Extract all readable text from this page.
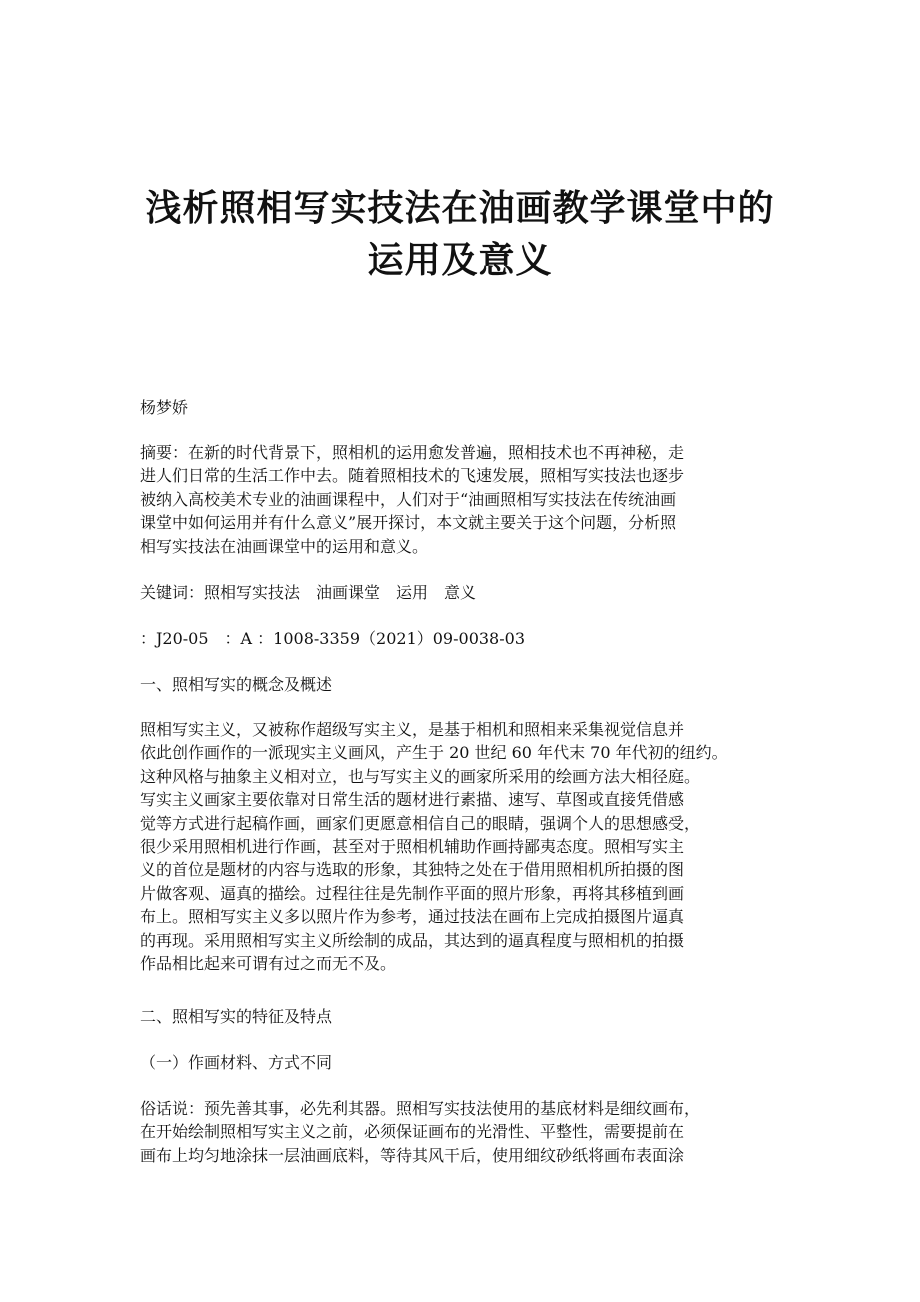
浅析照相写实技法在油画教学课堂中的
运用及意义
杨梦娇
摘要：在新的时代背景下，照相机的运用愈发普遍，照相技术也不再神秘，走
进人们日常的生活工作中去。随着照相技术的飞速发展，照相写实技法也逐步
被纳入高校美术专业的油画课程中，人们对于“油画照相写实技法在传统油画
课堂中如何运用并有什么意义”展开探讨，本文就主要关于这个问题，分析照
相写实技法在油画课堂中的运用和意义。
关键词：照相写实技法　油画课堂　运用　意义
：J20-05　：A ：1008-3359（2021）09-0038-03
一、照相写实的概念及概述
照相写实主义，又被称作超级写实主义，是基于相机和照相来采集视觉信息并
依此创作画作的一派现实主义画风，产生于 20 世纪 60 年代末 70 年代初的纽约。
这种风格与抽象主义相对立，也与写实主义的画家所采用的绘画方法大相径庭。
写实主义画家主要依靠对日常生活的题材进行素描、速写、草图或直接凭借感
觉等方式进行起稿作画，画家们更愿意相信自己的眼睛，强调个人的思想感受，
很少采用照相机进行作画，甚至对于照相机辅助作画持鄙夷态度。照相写实主
义的首位是题材的内容与选取的形象，其独特之处在于借用照相机所拍摄的图
片做客观、逼真的描绘。过程往往是先制作平面的照片形象，再将其移植到画
布上。照相写实主义多以照片作为参考，通过技法在画布上完成拍摄图片逼真
的再现。采用照相写实主义所绘制的成品，其达到的逼真程度与照相机的拍摄
作品相比起来可谓有过之而无不及。
二、照相写实的特征及特点
（一）作画材料、方式不同
俗话说：预先善其事，必先利其器。照相写实技法使用的基底材料是细纹画布，
在开始绘制照相写实主义之前，必须保证画布的光滑性、平整性，需要提前在
画布上均匀地涂抹一层油画底料，等待其风干后，使用细纹砂纸将画布表面涂
